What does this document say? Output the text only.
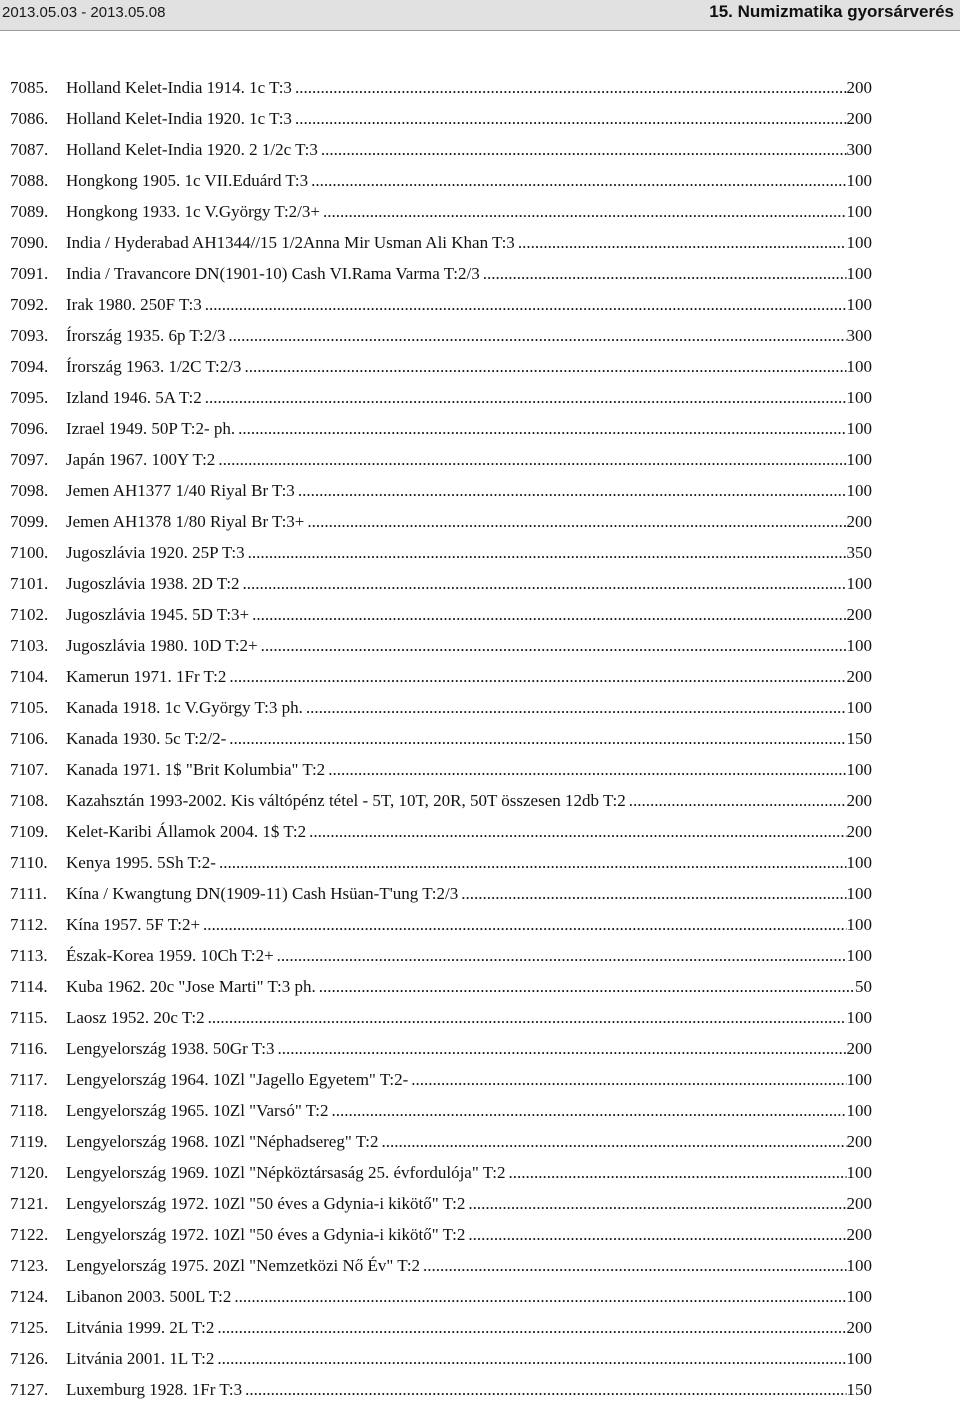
2013.05.03 - 2013.05.08	15. Numizmatika gyorsárverés
7085. Holland Kelet-India 1914. 1c T:3 .....	200
7086. Holland Kelet-India 1920. 1c T:3 .....	200
7087. Holland Kelet-India 1920. 2 1/2c T:3 .....	300
7088. Hongkong 1905. 1c VII.Eduárd T:3 .....	100
7089. Hongkong 1933. 1c V.György T:2/3+ .....	100
7090. India / Hyderabad AH1344//15 1/2Anna Mir Usman Ali Khan T:3 .....	100
7091. India / Travancore DN(1901-10) Cash VI.Rama Varma T:2/3 .....	100
7092. Irak 1980. 250F T:3 .....	100
7093. Írország 1935. 6p T:2/3 .....	300
7094. Írország 1963. 1/2C T:2/3 .....	100
7095. Izland 1946. 5A T:2 .....	100
7096. Izrael 1949. 50P T:2- ph. .....	100
7097. Japán 1967. 100Y T:2 .....	100
7098. Jemen AH1377 1/40 Riyal Br T:3 .....	100
7099. Jemen AH1378 1/80 Riyal Br T:3+ .....	200
7100. Jugoszlávia 1920. 25P T:3 .....	350
7101. Jugoszlávia 1938. 2D T:2 .....	100
7102. Jugoszlávia 1945. 5D T:3+ .....	200
7103. Jugoszlávia 1980. 10D T:2+ .....	100
7104. Kamerun 1971. 1Fr T:2 .....	200
7105. Kanada 1918. 1c V.György T:3 ph. .....	100
7106. Kanada 1930. 5c T:2/2- .....	150
7107. Kanada 1971. 1$ "Brit Kolumbia" T:2 .....	100
7108. Kazahsztán 1993-2002. Kis váltópénz tétel - 5T, 10T, 20R, 50T összesen 12db T:2 .....	200
7109. Kelet-Karibi Államok 2004. 1$ T:2 .....	200
7110. Kenya 1995. 5Sh T:2- .....	100
7111. Kína / Kwangtung DN(1909-11) Cash Hsüan-T'ung T:2/3 .....	100
7112. Kína 1957. 5F T:2+ .....	100
7113. Észak-Korea 1959. 10Ch T:2+ .....	100
7114. Kuba 1962. 20c "Jose Marti" T:3 ph. .....	50
7115. Laosz 1952. 20c T:2 .....	100
7116. Lengyelország 1938. 50Gr T:3 .....	200
7117. Lengyelország 1964. 10Zl "Jagello Egyetem" T:2- .....	100
7118. Lengyelország 1965. 10Zl "Varsó" T:2 .....	100
7119. Lengyelország 1968. 10Zl "Néphadsereg" T:2 .....	200
7120. Lengyelország 1969. 10Zl "Népköztársaság 25. évfordulója" T:2 .....	100
7121. Lengyelország 1972. 10Zl "50 éves a Gdynia-i kikötő" T:2 .....	200
7122. Lengyelország 1972. 10Zl "50 éves a Gdynia-i kikötő" T:2 .....	200
7123. Lengyelország 1975. 20Zl "Nemzetközi Nő Év" T:2 .....	100
7124. Libanon 2003. 500L T:2 .....	100
7125. Litvánia 1999. 2L T:2 .....	200
7126. Litvánia 2001. 1L T:2 .....	100
7127. Luxemburg 1928. 1Fr T:3 .....	150
